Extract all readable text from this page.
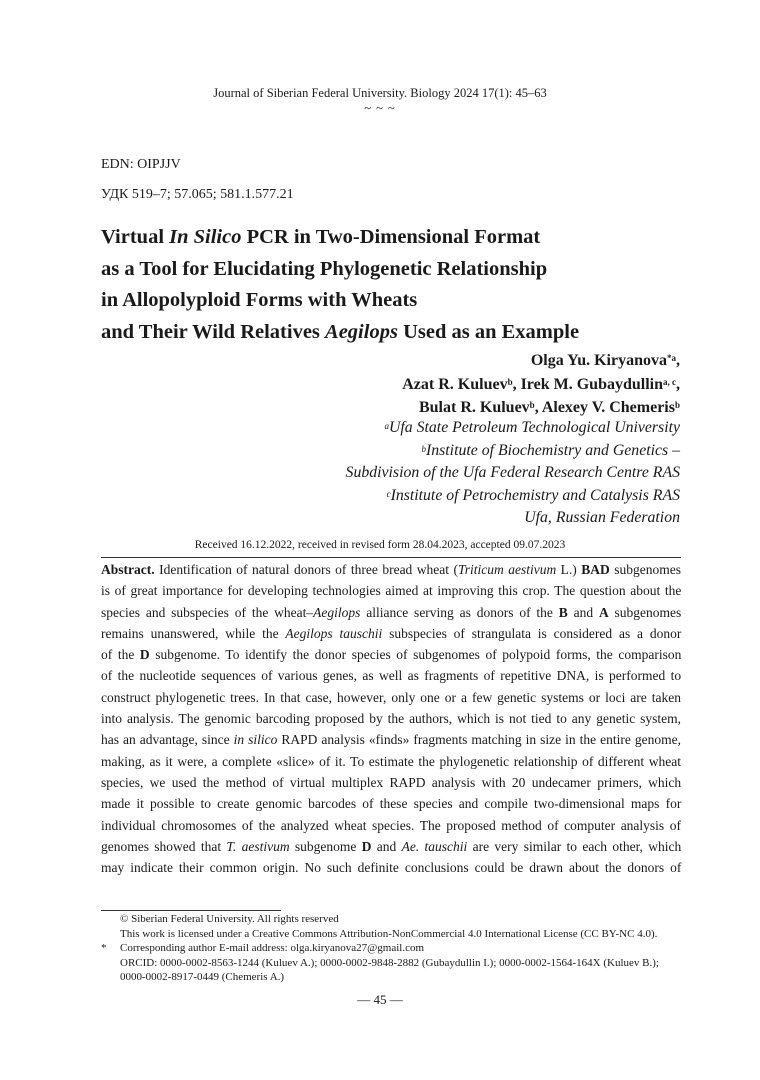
Journal of Siberian Federal University. Biology 2024 17(1): 45–63
~ ~ ~
EDN: OIPJJV
УДК 519–7; 57.065; 581.1.577.21
Virtual In Silico PCR in Two-Dimensional Format
as a Tool for Elucidating Phylogenetic Relationship
in Allopolyploid Forms with Wheats
and Their Wild Relatives Aegilops Used as an Example
Olga Yu. Kiryanova$^{*a}$,
Azat R. Kuluev$^b$, Irek M. Gubaydullin$^{a, c}$,
Bulat R. Kuluev$^b$, Alexey V. Chemeris$^b$
$^a$Ufa State Petroleum Technological University
$^b$Institute of Biochemistry and Genetics –
Subdivision of the Ufa Federal Research Centre RAS
$^c$Institute of Petrochemistry and Catalysis RAS
Ufa, Russian Federation
Received 16.12.2022, received in revised form 28.04.2023, accepted 09.07.2023
Abstract. Identification of natural donors of three bread wheat (Triticum aestivum L.) BAD subgenomes
is of great importance for developing technologies aimed at improving this crop. The question about the
species and subspecies of the wheat–Aegilops alliance serving as donors of the B and A subgenomes
remains unanswered, while the Aegilops tauschii subspecies of strangulata is considered as a donor
of the D subgenome. To identify the donor species of subgenomes of polypoid forms, the comparison
of the nucleotide sequences of various genes, as well as fragments of repetitive DNA, is performed to
construct phylogenetic trees. In that case, however, only one or a few genetic systems or loci are taken
into analysis. The genomic barcoding proposed by the authors, which is not tied to any genetic system,
has an advantage, since in silico RAPD analysis «finds» fragments matching in size in the entire genome,
making, as it were, a complete «slice» of it. To estimate the phylogenetic relationship of different wheat
species, we used the method of virtual multiplex RAPD analysis with 20 undecamer primers, which
made it possible to create genomic barcodes of these species and compile two-dimensional maps for
individual chromosomes of the analyzed wheat species. The proposed method of computer analysis of
genomes showed that T. aestivum subgenome D and Ae. tauschii are very similar to each other, which
may indicate their common origin. No such definite conclusions could be drawn about the donors of
© Siberian Federal University. All rights reserved
This work is licensed under a Creative Commons Attribution-NonCommercial 4.0 International License (CC BY-NC 4.0).
* Corresponding author E-mail address: olga.kiryanova27@gmail.com
ORCID: 0000-0002-8563-1244 (Kuluev A.); 0000-0002-9848-2882 (Gubaydullin I.); 0000-0002-1564-164X (Kuluev B.);
0000-0002-8917-0449 (Chemeris A.)
— 45 —
